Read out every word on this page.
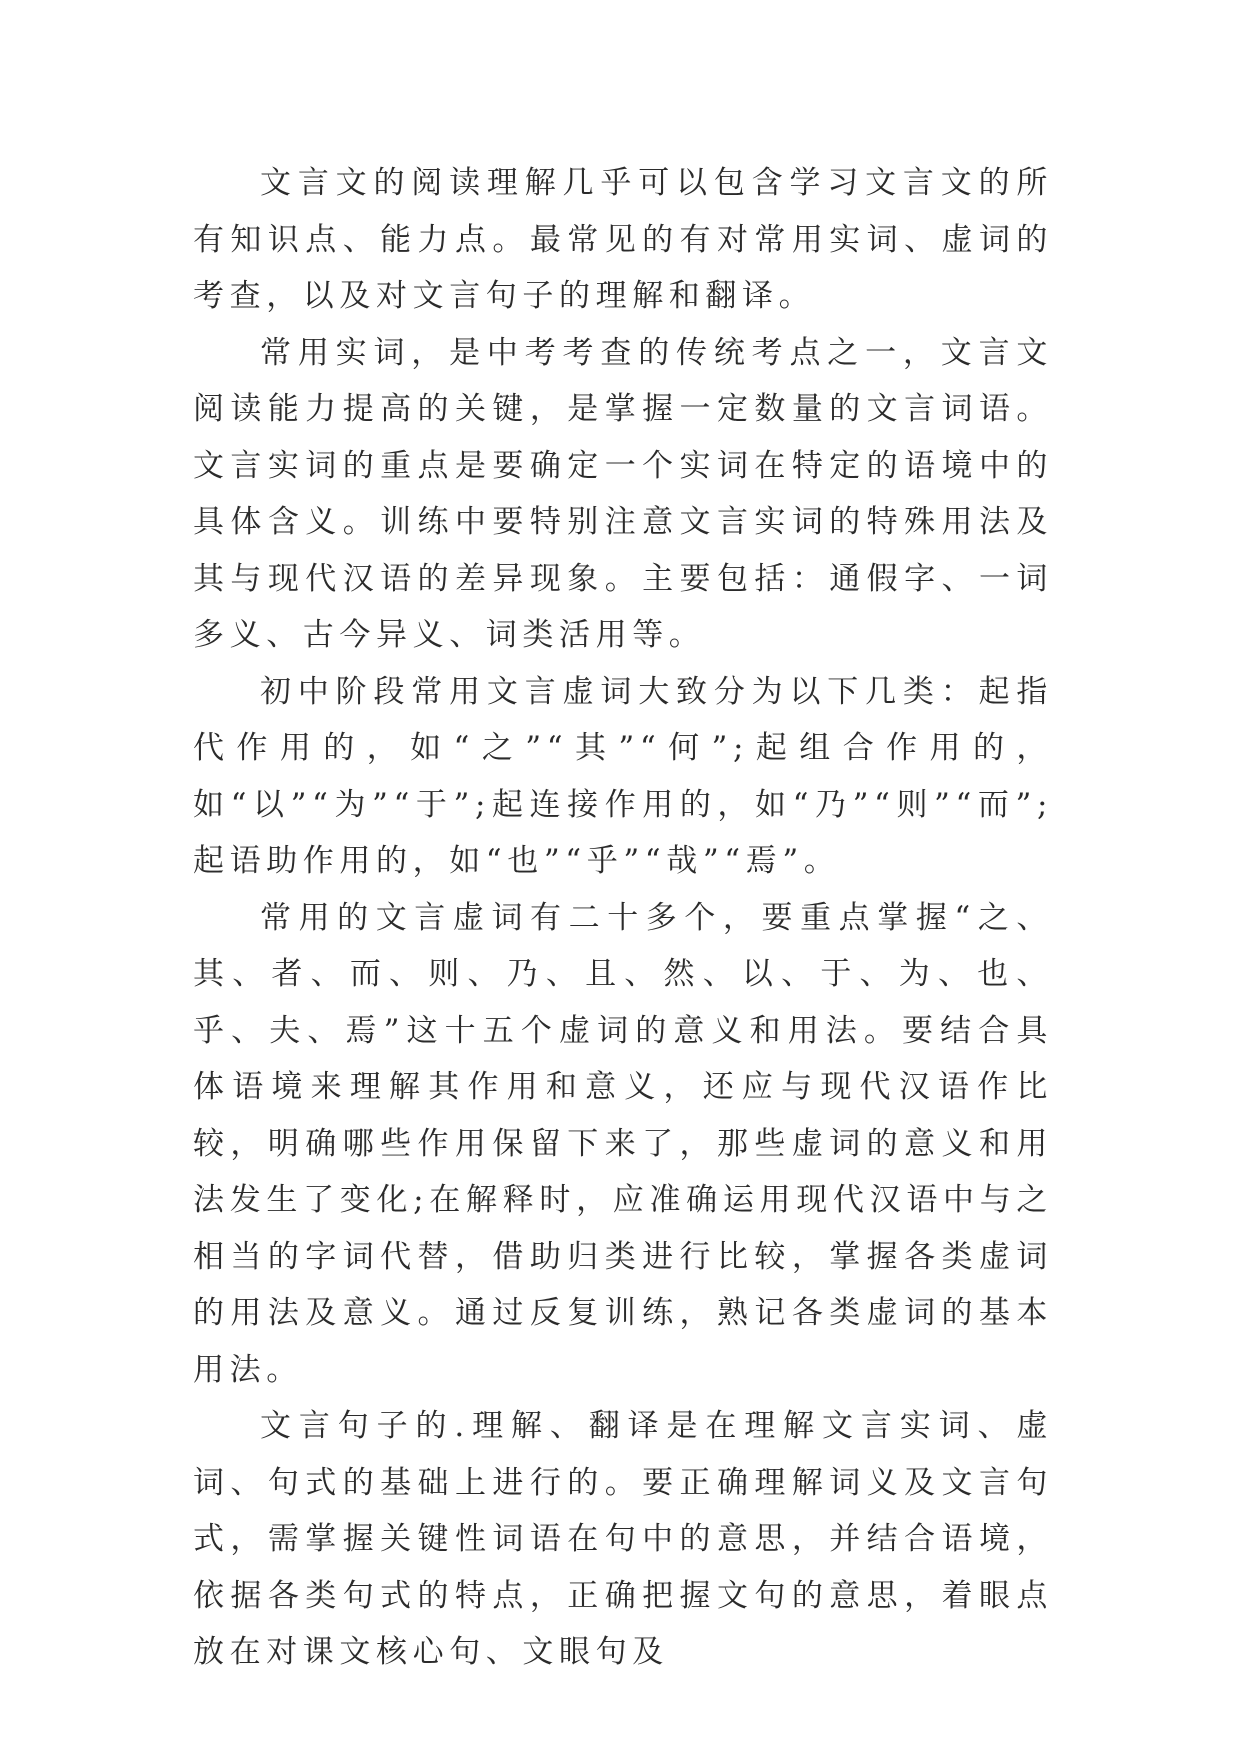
文言文的阅读理解几乎可以包含学习文言文的所有知识点、能力点。最常见的有对常用实词、虚词的考查，以及对文言句子的理解和翻译。

常用实词，是中考考查的传统考点之一，文言文阅读能力提高的关键，是掌握一定数量的文言词语。文言实词的重点是要确定一个实词在特定的语境中的具体含义。训练中要特别注意文言实词的特殊用法及其与现代汉语的差异现象。主要包括：通假字、一词多义、古今异义、词类活用等。

初中阶段常用文言虚词大致分为以下几类：起指代作用的，如“之”“其”“何”;起组合作用的，如“以”“为”“于”;起连接作用的，如“乃”“则”“而”;起语助作用的，如“也”“乎”“哉”“焉”。

常用的文言虚词有二十多个，要重点掌握“之、其、者、而、则、乃、且、然、以、于、为、也、乎、夫、焉”这十五个虚词的意义和用法。要结合具体语境来理解其作用和意义，还应与现代汉语作比较，明确哪些作用保留下来了，那些虚词的意义和用法发生了变化;在解释时，应准确运用现代汉语中与之相当的字词代替，借助归类进行比较，掌握各类虚词的用法及意义。通过反复训练，熟记各类虚词的基本用法。

文言句子的.理解、翻译是在理解文言实词、虚词、句式的基础上进行的。要正确理解词义及文言句式，需掌握关键性词语在句中的意思，并结合语境，依据各类句式的特点，正确把握文句的意思，着眼点放在对课文核心句、文眼句及
